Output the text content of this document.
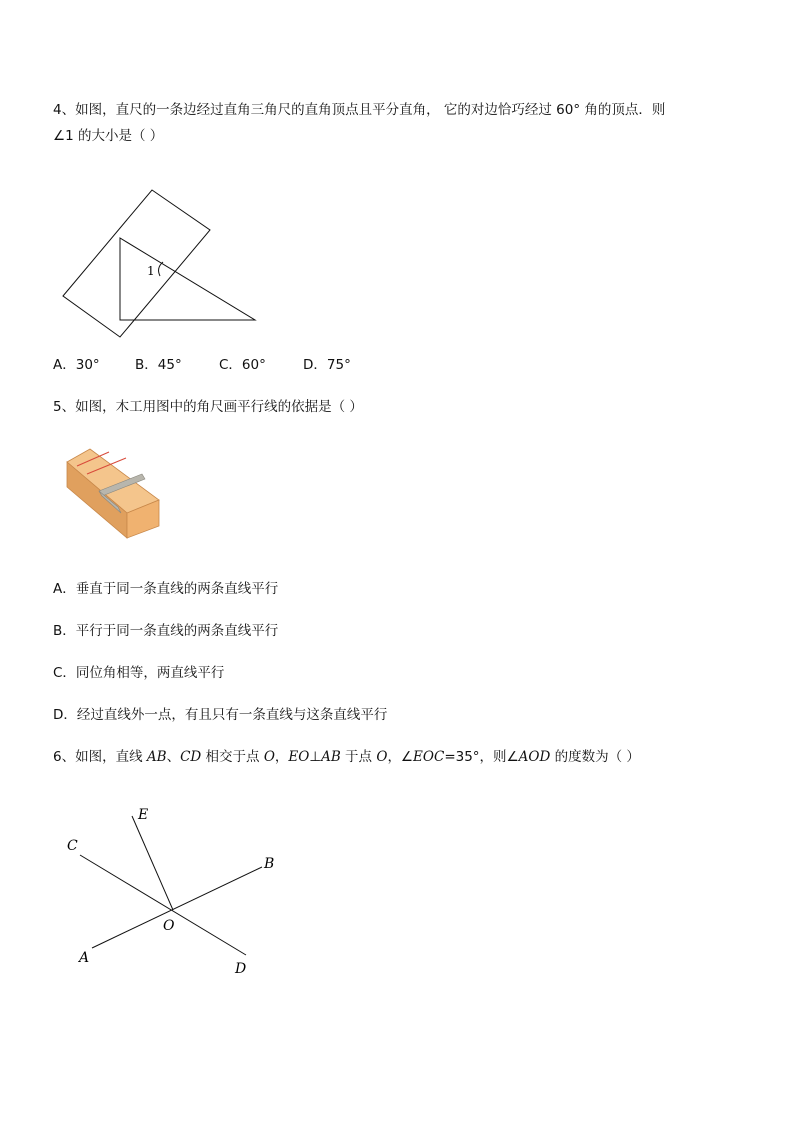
4、如图，直尺的一条边经过直角三角尺的直角顶点且平分直角， 它的对边恰巧经过 60° 角的顶点．则
∠1 的大小是（ ）
1
A．30°	B．45°	C．60°	D．75°
5、如图，木工用图中的角尺画平行线的依据是（ ）
A．垂直于同一条直线的两条直线平行
B．平行于同一条直线的两条直线平行
C．同位角相等，两直线平行
D．经过直线外一点，有且只有一条直线与这条直线平行
6、如图，直线 AB、CD 相交于点 O，EO⊥AB 于点 O，∠EOC=35°，则∠AOD 的度数为（ ）
E
C
B
O
A
D
